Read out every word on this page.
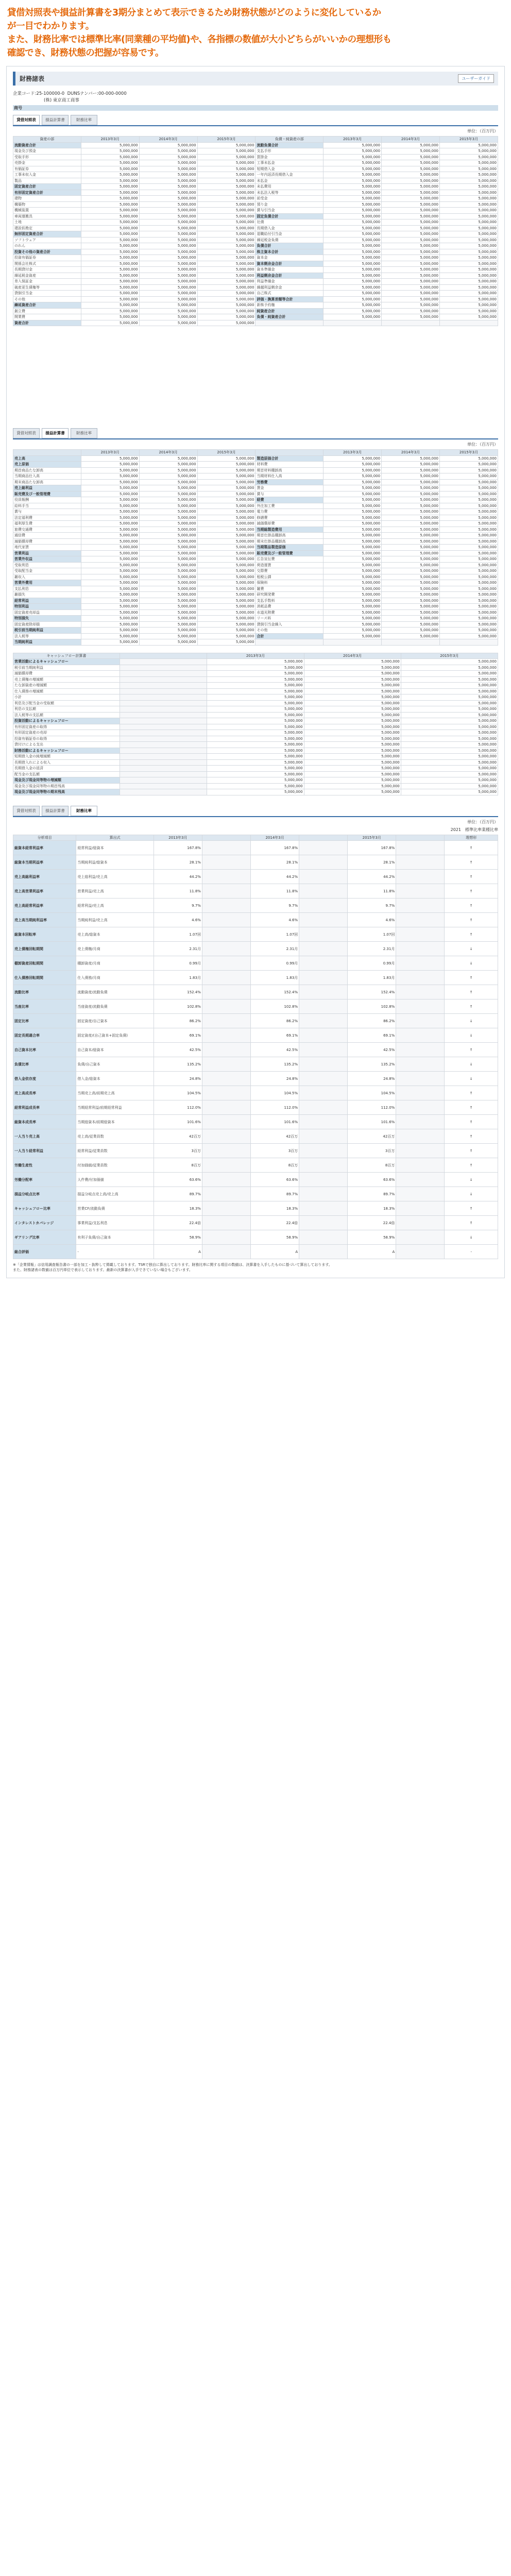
貸借対照表や損益計算書を3期分まとめて表示できるため財務状態がどのように変化しているか

が一目でわかります。

また、財務比率では標準比率(同業種の平均値)や、各指標の数値が大小どちらがいいかの理想形も

確認でき、財務状態の把握が容易です。

財務諸表	ユーザーガイド
企業コード:25-100000-0 DUNSナンバー:00-000-0000
(株) 東京商工商事
商号
貸借対照表	損益計算書	財務比率
単位：（百万円）
資産の部	2013年3月	2014年3月	2015年3月	負債・純資産の部	2013年3月	2014年3月	2015年3月
流動資産合計	5,000,000	5,000,000	5,000,000	流動負債合計	5,000,000	5,000,000	5,000,000
現金及び預金	5,000,000	5,000,000	5,000,000	支払手形	5,000,000	5,000,000	5,000,000
受取手形	5,000,000	5,000,000	5,000,000	買掛金	5,000,000	5,000,000	5,000,000
売掛金	5,000,000	5,000,000	5,000,000	工事未払金	5,000,000	5,000,000	5,000,000
有価証券	5,000,000	5,000,000	5,000,000	短期借入金	5,000,000	5,000,000	5,000,000
工事未収入金	5,000,000	5,000,000	5,000,000	一年内返済長期借入金	5,000,000	5,000,000	5,000,000
製品	5,000,000	5,000,000	5,000,000	未払金	5,000,000	5,000,000	5,000,000
固定資産合計	5,000,000	5,000,000	5,000,000	未払費用	5,000,000	5,000,000	5,000,000
有形固定資産合計	5,000,000	5,000,000	5,000,000	未払法人税等	5,000,000	5,000,000	5,000,000
建物	5,000,000	5,000,000	5,000,000	前受金	5,000,000	5,000,000	5,000,000
構築物	5,000,000	5,000,000	5,000,000	預り金	5,000,000	5,000,000	5,000,000
機械装置	5,000,000	5,000,000	5,000,000	賞与引当金	5,000,000	5,000,000	5,000,000
車両運搬具	5,000,000	5,000,000	5,000,000	固定負債合計	5,000,000	5,000,000	5,000,000
土地	5,000,000	5,000,000	5,000,000	社債	5,000,000	5,000,000	5,000,000
建設仮勘定	5,000,000	5,000,000	5,000,000	長期借入金	5,000,000	5,000,000	5,000,000
無形固定資産合計	5,000,000	5,000,000	5,000,000	退職給付引当金	5,000,000	5,000,000	5,000,000
ソフトウェア	5,000,000	5,000,000	5,000,000	繰延税金負債	5,000,000	5,000,000	5,000,000
のれん	5,000,000	5,000,000	5,000,000	負債合計	5,000,000	5,000,000	5,000,000
投資その他の資産合計	5,000,000	5,000,000	5,000,000	株主資本合計	5,000,000	5,000,000	5,000,000
投資有価証券	5,000,000	5,000,000	5,000,000	資本金	5,000,000	5,000,000	5,000,000
関係会社株式	5,000,000	5,000,000	5,000,000	資本剰余金合計	5,000,000	5,000,000	5,000,000
長期貸付金	5,000,000	5,000,000	5,000,000	資本準備金	5,000,000	5,000,000	5,000,000
繰延税金資産	5,000,000	5,000,000	5,000,000	利益剰余金合計	5,000,000	5,000,000	5,000,000
差入保証金	5,000,000	5,000,000	5,000,000	利益準備金	5,000,000	5,000,000	5,000,000
破産更生債権等	5,000,000	5,000,000	5,000,000	繰越利益剰余金	5,000,000	5,000,000	5,000,000
貸倒引当金	5,000,000	5,000,000	5,000,000	自己株式	5,000,000	5,000,000	5,000,000
その他	5,000,000	5,000,000	5,000,000	評価・換算差額等合計	5,000,000	5,000,000	5,000,000
繰延資産合計	5,000,000	5,000,000	5,000,000	新株予約権	5,000,000	5,000,000	5,000,000
創立費	5,000,000	5,000,000	5,000,000	純資産合計	5,000,000	5,000,000	5,000,000
開業費	5,000,000	5,000,000	5,000,000	負債・純資産合計	5,000,000	5,000,000	5,000,000
資産合計	5,000,000	5,000,000	5,000,000				
貸借対照表	損益計算書	財務比率
単位：（百万円）
	2013年3月	2014年3月	2015年3月		2013年3月	2014年3月	2015年3月
売上高	5,000,000	5,000,000	5,000,000	製造原価合計	5,000,000	5,000,000	5,000,000
売上原価	5,000,000	5,000,000	5,000,000	材料費	5,000,000	5,000,000	5,000,000
期首商品たな卸高	5,000,000	5,000,000	5,000,000	期首材料棚卸高	5,000,000	5,000,000	5,000,000
当期商品仕入高	5,000,000	5,000,000	5,000,000	当期材料仕入高	5,000,000	5,000,000	5,000,000
期末商品たな卸高	5,000,000	5,000,000	5,000,000	労務費	5,000,000	5,000,000	5,000,000
売上総利益	5,000,000	5,000,000	5,000,000	賃金	5,000,000	5,000,000	5,000,000
販売費及び一般管理費	5,000,000	5,000,000	5,000,000	賞与	5,000,000	5,000,000	5,000,000
役員報酬	5,000,000	5,000,000	5,000,000	経費	5,000,000	5,000,000	5,000,000
給料手当	5,000,000	5,000,000	5,000,000	外注加工費	5,000,000	5,000,000	5,000,000
賞与	5,000,000	5,000,000	5,000,000	電力費	5,000,000	5,000,000	5,000,000
法定福利費	5,000,000	5,000,000	5,000,000	修繕費	5,000,000	5,000,000	5,000,000
福利厚生費	5,000,000	5,000,000	5,000,000	減価償却費	5,000,000	5,000,000	5,000,000
旅費交通費	5,000,000	5,000,000	5,000,000	当期総製造費用	5,000,000	5,000,000	5,000,000
通信費	5,000,000	5,000,000	5,000,000	期首仕掛品棚卸高	5,000,000	5,000,000	5,000,000
減価償却費	5,000,000	5,000,000	5,000,000	期末仕掛品棚卸高	5,000,000	5,000,000	5,000,000
地代家賃	5,000,000	5,000,000	5,000,000	当期製品製造原価	5,000,000	5,000,000	5,000,000
営業利益	5,000,000	5,000,000	5,000,000	販売費及び一般管理費	5,000,000	5,000,000	5,000,000
営業外収益	5,000,000	5,000,000	5,000,000	広告宣伝費	5,000,000	5,000,000	5,000,000
受取利息	5,000,000	5,000,000	5,000,000	荷造運賃	5,000,000	5,000,000	5,000,000
受取配当金	5,000,000	5,000,000	5,000,000	交際費	5,000,000	5,000,000	5,000,000
雑収入	5,000,000	5,000,000	5,000,000	租税公課	5,000,000	5,000,000	5,000,000
営業外費用	5,000,000	5,000,000	5,000,000	保険料	5,000,000	5,000,000	5,000,000
支払利息	5,000,000	5,000,000	5,000,000	雑費	5,000,000	5,000,000	5,000,000
雑損失	5,000,000	5,000,000	5,000,000	研究開発費	5,000,000	5,000,000	5,000,000
経常利益	5,000,000	5,000,000	5,000,000	支払手数料	5,000,000	5,000,000	5,000,000
特別利益	5,000,000	5,000,000	5,000,000	消耗品費	5,000,000	5,000,000	5,000,000
固定資産売却益	5,000,000	5,000,000	5,000,000	水道光熱費	5,000,000	5,000,000	5,000,000
特別損失	5,000,000	5,000,000	5,000,000	リース料	5,000,000	5,000,000	5,000,000
固定資産除却損	5,000,000	5,000,000	5,000,000	貸倒引当金繰入	5,000,000	5,000,000	5,000,000
税引前当期純利益	5,000,000	5,000,000	5,000,000	その他	5,000,000	5,000,000	5,000,000
法人税等	5,000,000	5,000,000	5,000,000	合計	5,000,000	5,000,000	5,000,000
当期純利益	5,000,000	5,000,000	5,000,000				
キャッシュフロー計算書		2013年3月	2014年3月	2015年3月
営業活動によるキャッシュフロー		5,000,000	5,000,000	5,000,000
税引前当期純利益		5,000,000	5,000,000	5,000,000
減価償却費		5,000,000	5,000,000	5,000,000
売上債権の増減額		5,000,000	5,000,000	5,000,000
たな卸資産の増減額		5,000,000	5,000,000	5,000,000
仕入債務の増減額		5,000,000	5,000,000	5,000,000
小計		5,000,000	5,000,000	5,000,000
利息及び配当金の受取額		5,000,000	5,000,000	5,000,000
利息の支払額		5,000,000	5,000,000	5,000,000
法人税等の支払額		5,000,000	5,000,000	5,000,000
投資活動によるキャッシュフロー		5,000,000	5,000,000	5,000,000
有形固定資産の取得		5,000,000	5,000,000	5,000,000
有形固定資産の売却		5,000,000	5,000,000	5,000,000
投資有価証券の取得		5,000,000	5,000,000	5,000,000
貸付けによる支出		5,000,000	5,000,000	5,000,000
財務活動によるキャッシュフロー		5,000,000	5,000,000	5,000,000
短期借入金の純増減額		5,000,000	5,000,000	5,000,000
長期借入れによる収入		5,000,000	5,000,000	5,000,000
長期借入金の返済		5,000,000	5,000,000	5,000,000
配当金の支払額		5,000,000	5,000,000	5,000,000
現金及び現金同等物の増減額		5,000,000	5,000,000	5,000,000
現金及び現金同等物の期首残高		5,000,000	5,000,000	5,000,000
現金及び現金同等物の期末残高		5,000,000	5,000,000	5,000,000
貸借対照表	損益計算書	財務比率
単位：（百万円）
2021　標準比率業種比率
分析項目	算出式	2013年3月		2014年3月		2015年3月		理想形
総資本経常利益率	経常利益/総資本	167.8%		167.8%		167.8%		↑
総資本当期利益率	当期純利益/総資本	28.1%		28.1%		28.1%		↑
売上高総利益率	売上総利益/売上高	44.2%		44.2%		44.2%		↑
売上高営業利益率	営業利益/売上高	11.8%		11.8%		11.8%		↑
売上高経常利益率	経常利益/売上高	9.7%		9.7%		9.7%		↑
売上高当期純利益率	当期純利益/売上高	4.6%		4.6%		4.6%		↑
総資本回転率	売上高/総資本	1.07回		1.07回		1.07回		↑
売上債権回転期間	売上債権/月商	2.31月		2.31月		2.31月		↓
棚卸資産回転期間	棚卸資産/月商	0.99月		0.99月		0.99月		↓
仕入債務回転期間	仕入債務/月商	1.83月		1.83月		1.83月		↑
流動比率	流動資産/流動負債	152.4%		152.4%		152.4%		↑
当座比率	当座資産/流動負債	102.8%		102.8%		102.8%		↑
固定比率	固定資産/自己資本	86.2%		86.2%		86.2%		↓
固定長期適合率	固定資産/(自己資本+固定負債)	69.1%		69.1%		69.1%		↓
自己資本比率	自己資本/総資本	42.5%		42.5%		42.5%		↑
負債比率	負債/自己資本	135.2%		135.2%		135.2%		↓
借入金依存度	借入金/総資本	24.8%		24.8%		24.8%		↓
売上高成長率	当期売上高/前期売上高	104.5%		104.5%		104.5%		↑
経常利益成長率	当期経常利益/前期経常利益	112.0%		112.0%		112.0%		↑
総資本成長率	当期総資本/前期総資本	101.6%		101.6%		101.6%		↑
一人当り売上高	売上高/従業員数	42百万		42百万		42百万		↑
一人当り経常利益	経常利益/従業員数	3百万		3百万		3百万		↑
労働生産性	付加価値/従業員数	8百万		8百万		8百万		↑
労働分配率	人件費/付加価値	63.6%		63.6%		63.6%		↓
損益分岐点比率	損益分岐点売上高/売上高	89.7%		89.7%		89.7%		↓
キャッシュフロー比率	営業CF/流動負債	18.3%		18.3%		18.3%		↑
インタレストカバレッジ	事業利益/支払利息	22.4倍		22.4倍		22.4倍		↑
ギアリング比率	有利子負債/自己資本	58.9%		58.9%		58.9%		↓
総合評価	-	A		A		A		-
※「企業情報」は信用調査報告書の一部を加工・抜粋して掲載しております。TSRで独自に算出しております。財務比率に関する項目の数値は、決算書を入手したものに基づいて算出しております。
また、財務諸表の数値は百万円単位で表示しております。最新の決算書が入手できていない場合もございます。
